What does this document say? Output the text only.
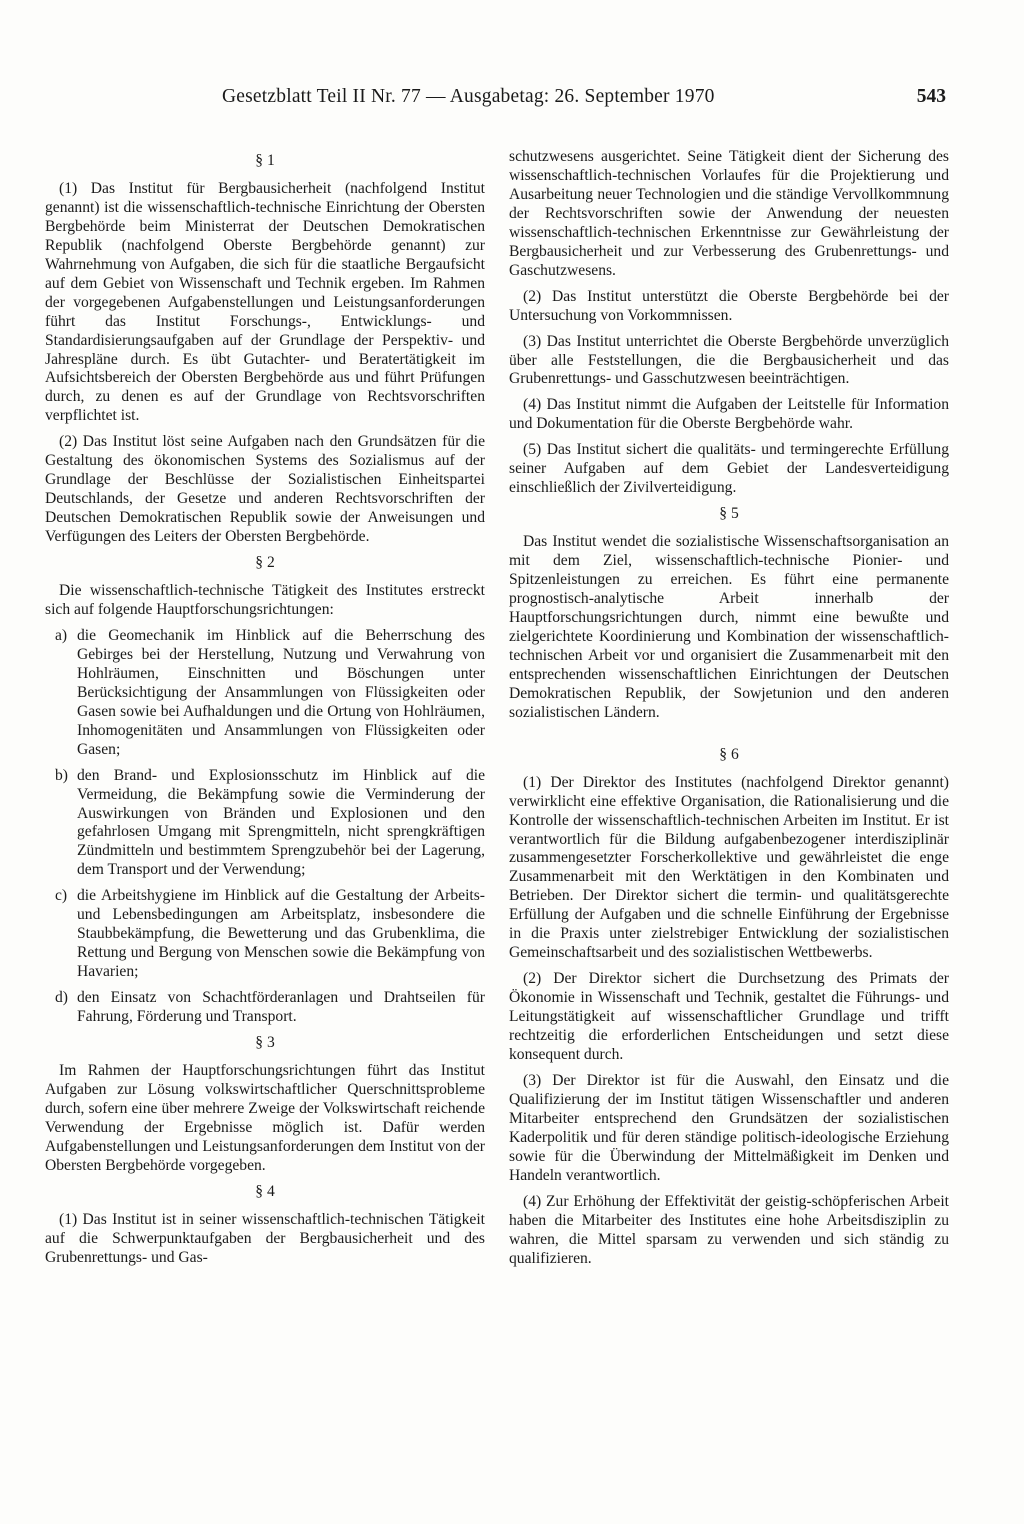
Gesetzblatt Teil II Nr. 77 — Ausgabetag: 26. September 1970	543

§ 1

(1) Das Institut für Bergbausicherheit (nachfolgend Institut genannt) ist die wissenschaftlich-technische Einrichtung der Obersten Bergbehörde beim Ministerrat der Deutschen Demokratischen Republik (nachfolgend Oberste Bergbehörde genannt) zur Wahrnehmung von Aufgaben, die sich für die staatliche Bergaufsicht auf dem Gebiet von Wissenschaft und Technik ergeben. Im Rahmen der vorgegebenen Aufgabenstellungen und Leistungsanforderungen führt das Institut Forschungs-, Entwicklungs- und Standardisierungsaufgaben auf der Grundlage der Perspektiv- und Jahrespläne durch. Es übt Gutachter- und Beratertätigkeit im Aufsichtsbereich der Obersten Bergbehörde aus und führt Prüfungen durch, zu denen es auf der Grundlage von Rechtsvorschriften verpflichtet ist.

(2) Das Institut löst seine Aufgaben nach den Grundsätzen für die Gestaltung des ökonomischen Systems des Sozialismus auf der Grundlage der Beschlüsse der Sozialistischen Einheitspartei Deutschlands, der Gesetze und anderen Rechtsvorschriften der Deutschen Demokratischen Republik sowie der Anweisungen und Verfügungen des Leiters der Obersten Bergbehörde.

§ 2

Die wissenschaftlich-technische Tätigkeit des Institutes erstreckt sich auf folgende Hauptforschungsrichtungen:

a) die Geomechanik im Hinblick auf die Beherrschung des Gebirges bei der Herstellung, Nutzung und Verwahrung von Hohlräumen, Einschnitten und Böschungen unter Berücksichtigung der Ansammlungen von Flüssigkeiten oder Gasen sowie bei Aufhaldungen und die Ortung von Hohlräumen, Inhomogenitäten und Ansammlungen von Flüssigkeiten oder Gasen;
b) den Brand- und Explosionsschutz im Hinblick auf die Vermeidung, die Bekämpfung sowie die Verminderung der Auswirkungen von Bränden und Explosionen und den gefahrlosen Umgang mit Sprengmitteln, nicht sprengkräftigen Zündmitteln und bestimmtem Sprengzubehör bei der Lagerung, dem Transport und der Verwendung;
c) die Arbeitshygiene im Hinblick auf die Gestaltung der Arbeits- und Lebensbedingungen am Arbeitsplatz, insbesondere die Staubbekämpfung, die Bewetterung und das Grubenklima, die Rettung und Bergung von Menschen sowie die Bekämpfung von Havarien;
d) den Einsatz von Schachtförderanlagen und Drahtseilen für Fahrung, Förderung und Transport.

§ 3

Im Rahmen der Hauptforschungsrichtungen führt das Institut Aufgaben zur Lösung volkswirtschaftlicher Querschnittsprobleme durch, sofern eine über mehrere Zweige der Volkswirtschaft reichende Verwendung der Ergebnisse möglich ist. Dafür werden Aufgabenstellungen und Leistungsanforderungen dem Institut von der Obersten Bergbehörde vorgegeben.

§ 4

(1) Das Institut ist in seiner wissenschaftlich-technischen Tätigkeit auf die Schwerpunktaufgaben der Bergbausicherheit und des Grubenrettungs- und Gas-

schutzwesens ausgerichtet. Seine Tätigkeit dient der Sicherung des wissenschaftlich-technischen Vorlaufes für die Projektierung und Ausarbeitung neuer Technologien und die ständige Vervollkommnung der Rechtsvorschriften sowie der Anwendung der neuesten wissenschaftlich-technischen Erkenntnisse zur Gewährleistung der Bergbausicherheit und zur Verbesserung des Grubenrettungs- und Gaschutzwesens.

(2) Das Institut unterstützt die Oberste Bergbehörde bei der Untersuchung von Vorkommnissen.

(3) Das Institut unterrichtet die Oberste Bergbehörde unverzüglich über alle Feststellungen, die die Bergbausicherheit und das Grubenrettungs- und Gasschutzwesen beeinträchtigen.

(4) Das Institut nimmt die Aufgaben der Leitstelle für Information und Dokumentation für die Oberste Bergbehörde wahr.

(5) Das Institut sichert die qualitäts- und termingerechte Erfüllung seiner Aufgaben auf dem Gebiet der Landesverteidigung einschließlich der Zivilverteidigung.

§ 5

Das Institut wendet die sozialistische Wissenschaftsorganisation an mit dem Ziel, wissenschaftlich-technische Pionier- und Spitzenleistungen zu erreichen. Es führt eine permanente prognostisch-analytische Arbeit innerhalb der Hauptforschungsrichtungen durch, nimmt eine bewußte und zielgerichtete Koordinierung und Kombination der wissenschaftlich-technischen Arbeit vor und organisiert die Zusammenarbeit mit den entsprechenden wissenschaftlichen Einrichtungen der Deutschen Demokratischen Republik, der Sowjetunion und den anderen sozialistischen Ländern.

§ 6

(1) Der Direktor des Institutes (nachfolgend Direktor genannt) verwirklicht eine effektive Organisation, die Rationalisierung und die Kontrolle der wissenschaftlich-technischen Arbeiten im Institut. Er ist verantwortlich für die Bildung aufgabenbezogener interdisziplinär zusammengesetzter Forscherkollektive und gewährleistet die enge Zusammenarbeit mit den Werktätigen in den Kombinaten und Betrieben. Der Direktor sichert die termin- und qualitätsgerechte Erfüllung der Aufgaben und die schnelle Einführung der Ergebnisse in die Praxis unter zielstrebiger Entwicklung der sozialistischen Gemeinschaftsarbeit und des sozialistischen Wettbewerbs.

(2) Der Direktor sichert die Durchsetzung des Primats der Ökonomie in Wissenschaft und Technik, gestaltet die Führungs- und Leitungstätigkeit auf wissenschaftlicher Grundlage und trifft rechtzeitig die erforderlichen Entscheidungen und setzt diese konsequent durch.

(3) Der Direktor ist für die Auswahl, den Einsatz und die Qualifizierung der im Institut tätigen Wissenschaftler und anderen Mitarbeiter entsprechend den Grundsätzen der sozialistischen Kaderpolitik und für deren ständige politisch-ideologische Erziehung sowie für die Überwindung der Mittelmäßigkeit im Denken und Handeln verantwortlich.

(4) Zur Erhöhung der Effektivität der geistig-schöpferischen Arbeit haben die Mitarbeiter des Institutes eine hohe Arbeitsdisziplin zu wahren, die Mittel sparsam zu verwenden und sich ständig zu qualifizieren.
